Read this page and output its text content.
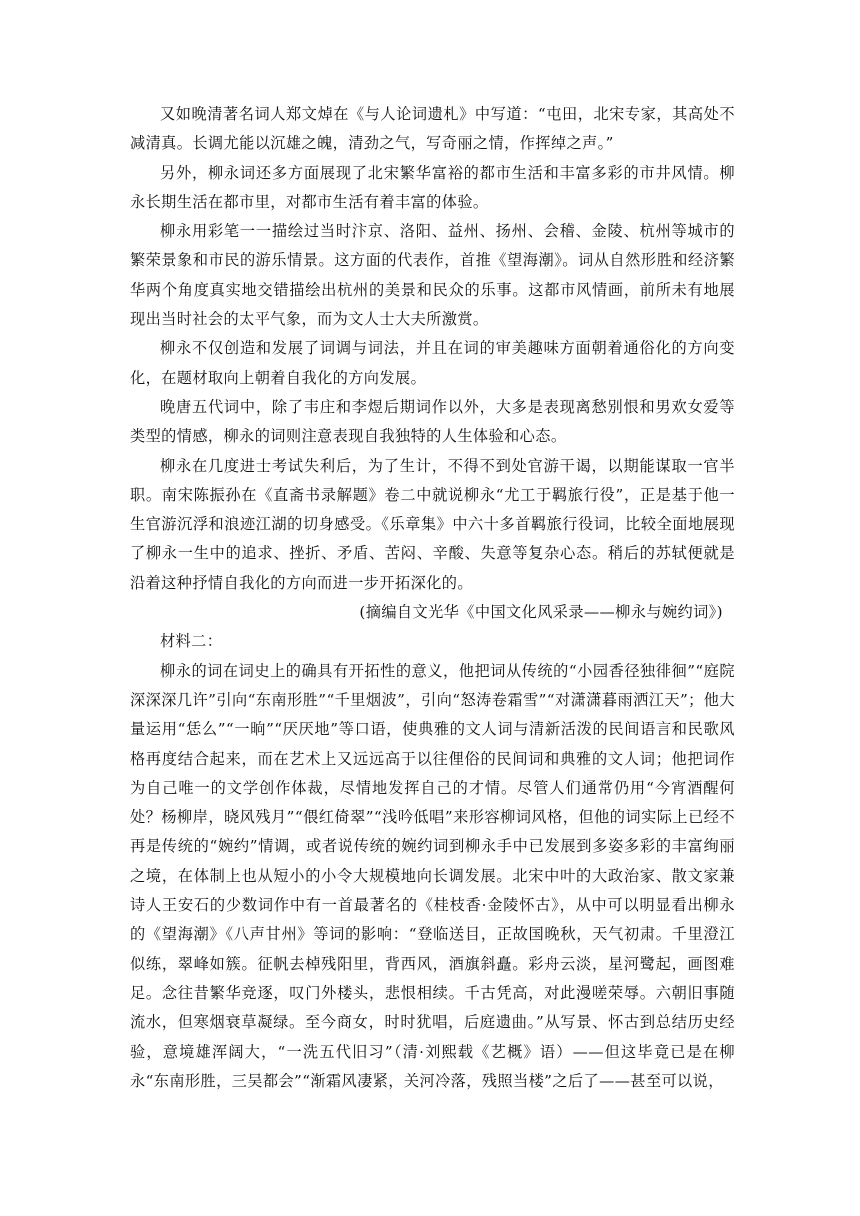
又如晚清著名词人郑文焯在《与人论词遗札》中写道：“屯田，北宋专家，其高处不减清真。长调尤能以沉雄之魄，清劲之气，写奇丽之情，作挥绰之声。”

另外，柳永词还多方面展现了北宋繁华富裕的都市生活和丰富多彩的市井风情。柳永长期生活在都市里，对都市生活有着丰富的体验。

柳永用彩笔一一描绘过当时汴京、洛阳、益州、扬州、会稽、金陵、杭州等城市的繁荣景象和市民的游乐情景。这方面的代表作，首推《望海潮》。词从自然形胜和经济繁华两个角度真实地交错描绘出杭州的美景和民众的乐事。这都市风情画，前所未有地展现出当时社会的太平气象，而为文人士大夫所激赏。

柳永不仅创造和发展了词调与词法，并且在词的审美趣味方面朝着通俗化的方向变化，在题材取向上朝着自我化的方向发展。

晚唐五代词中，除了韦庄和李煜后期词作以外，大多是表现离愁别恨和男欢女爱等类型的情感，柳永的词则注意表现自我独特的人生体验和心态。

柳永在几度进士考试失利后，为了生计，不得不到处官游干谒，以期能谋取一官半职。南宋陈振孙在《直斋书录解题》卷二中就说柳永“尤工于羁旅行役”，正是基于他一生官游沉浮和浪迹江湖的切身感受。《乐章集》中六十多首羁旅行役词，比较全面地展现了柳永一生中的追求、挫折、矛盾、苦闷、辛酸、失意等复杂心态。稍后的苏轼便就是沿着这种抒情自我化的方向而进一步开拓深化的。

(摘编自文光华《中国文化风采录——柳永与婉约词》)

材料二：

柳永的词在词史上的确具有开拓性的意义，他把词从传统的“小园香径独徘徊”“庭院深深深几许”引向“东南形胜”“千里烟波”，引向“怒涛卷霜雪”“对潇潇暮雨洒江天”；他大量运用“恁么”“一晌”“厌厌地”等口语，使典雅的文人词与清新活泼的民间语言和民歌风格再度结合起来，而在艺术上又远远高于以往俚俗的民间词和典雅的文人词；他把词作为自己唯一的文学创作体裁，尽情地发挥自己的才情。尽管人们通常仍用“今宵酒醒何处？杨柳岸，晓风残月”“偎红倚翠”“浅吟低唱”来形容柳词风格，但他的词实际上已经不再是传统的“婉约”情调，或者说传统的婉约词到柳永手中已发展到多姿多彩的丰富绚丽之境，在体制上也从短小的小令大规模地向长调发展。北宋中叶的大政治家、散文家兼诗人王安石的少数词作中有一首最著名的《桂枝香·金陵怀古》，从中可以明显看出柳永的《望海潮》《八声甘州》等词的影响：“登临送目，正故国晚秋，天气初肃。千里澄江似练，翠峰如簇。征帆去棹残阳里，背西风，酒旗斜矗。彩舟云淡，星河鹭起，画图难足。念往昔繁华竞逐，叹门外楼头，悲恨相续。千古凭高，对此漫嗟荣辱。六朝旧事随流水，但寒烟衰草凝绿。至今商女，时时犹唱，后庭遗曲。”从写景、怀古到总结历史经验，意境雄浑阔大，“一洗五代旧习”（清·刘熙载《艺概》语）——但这毕竟已是在柳永“东南形胜，三吴都会”“渐霜风凄紧，关河冷落，残照当楼”之后了——甚至可以说，
